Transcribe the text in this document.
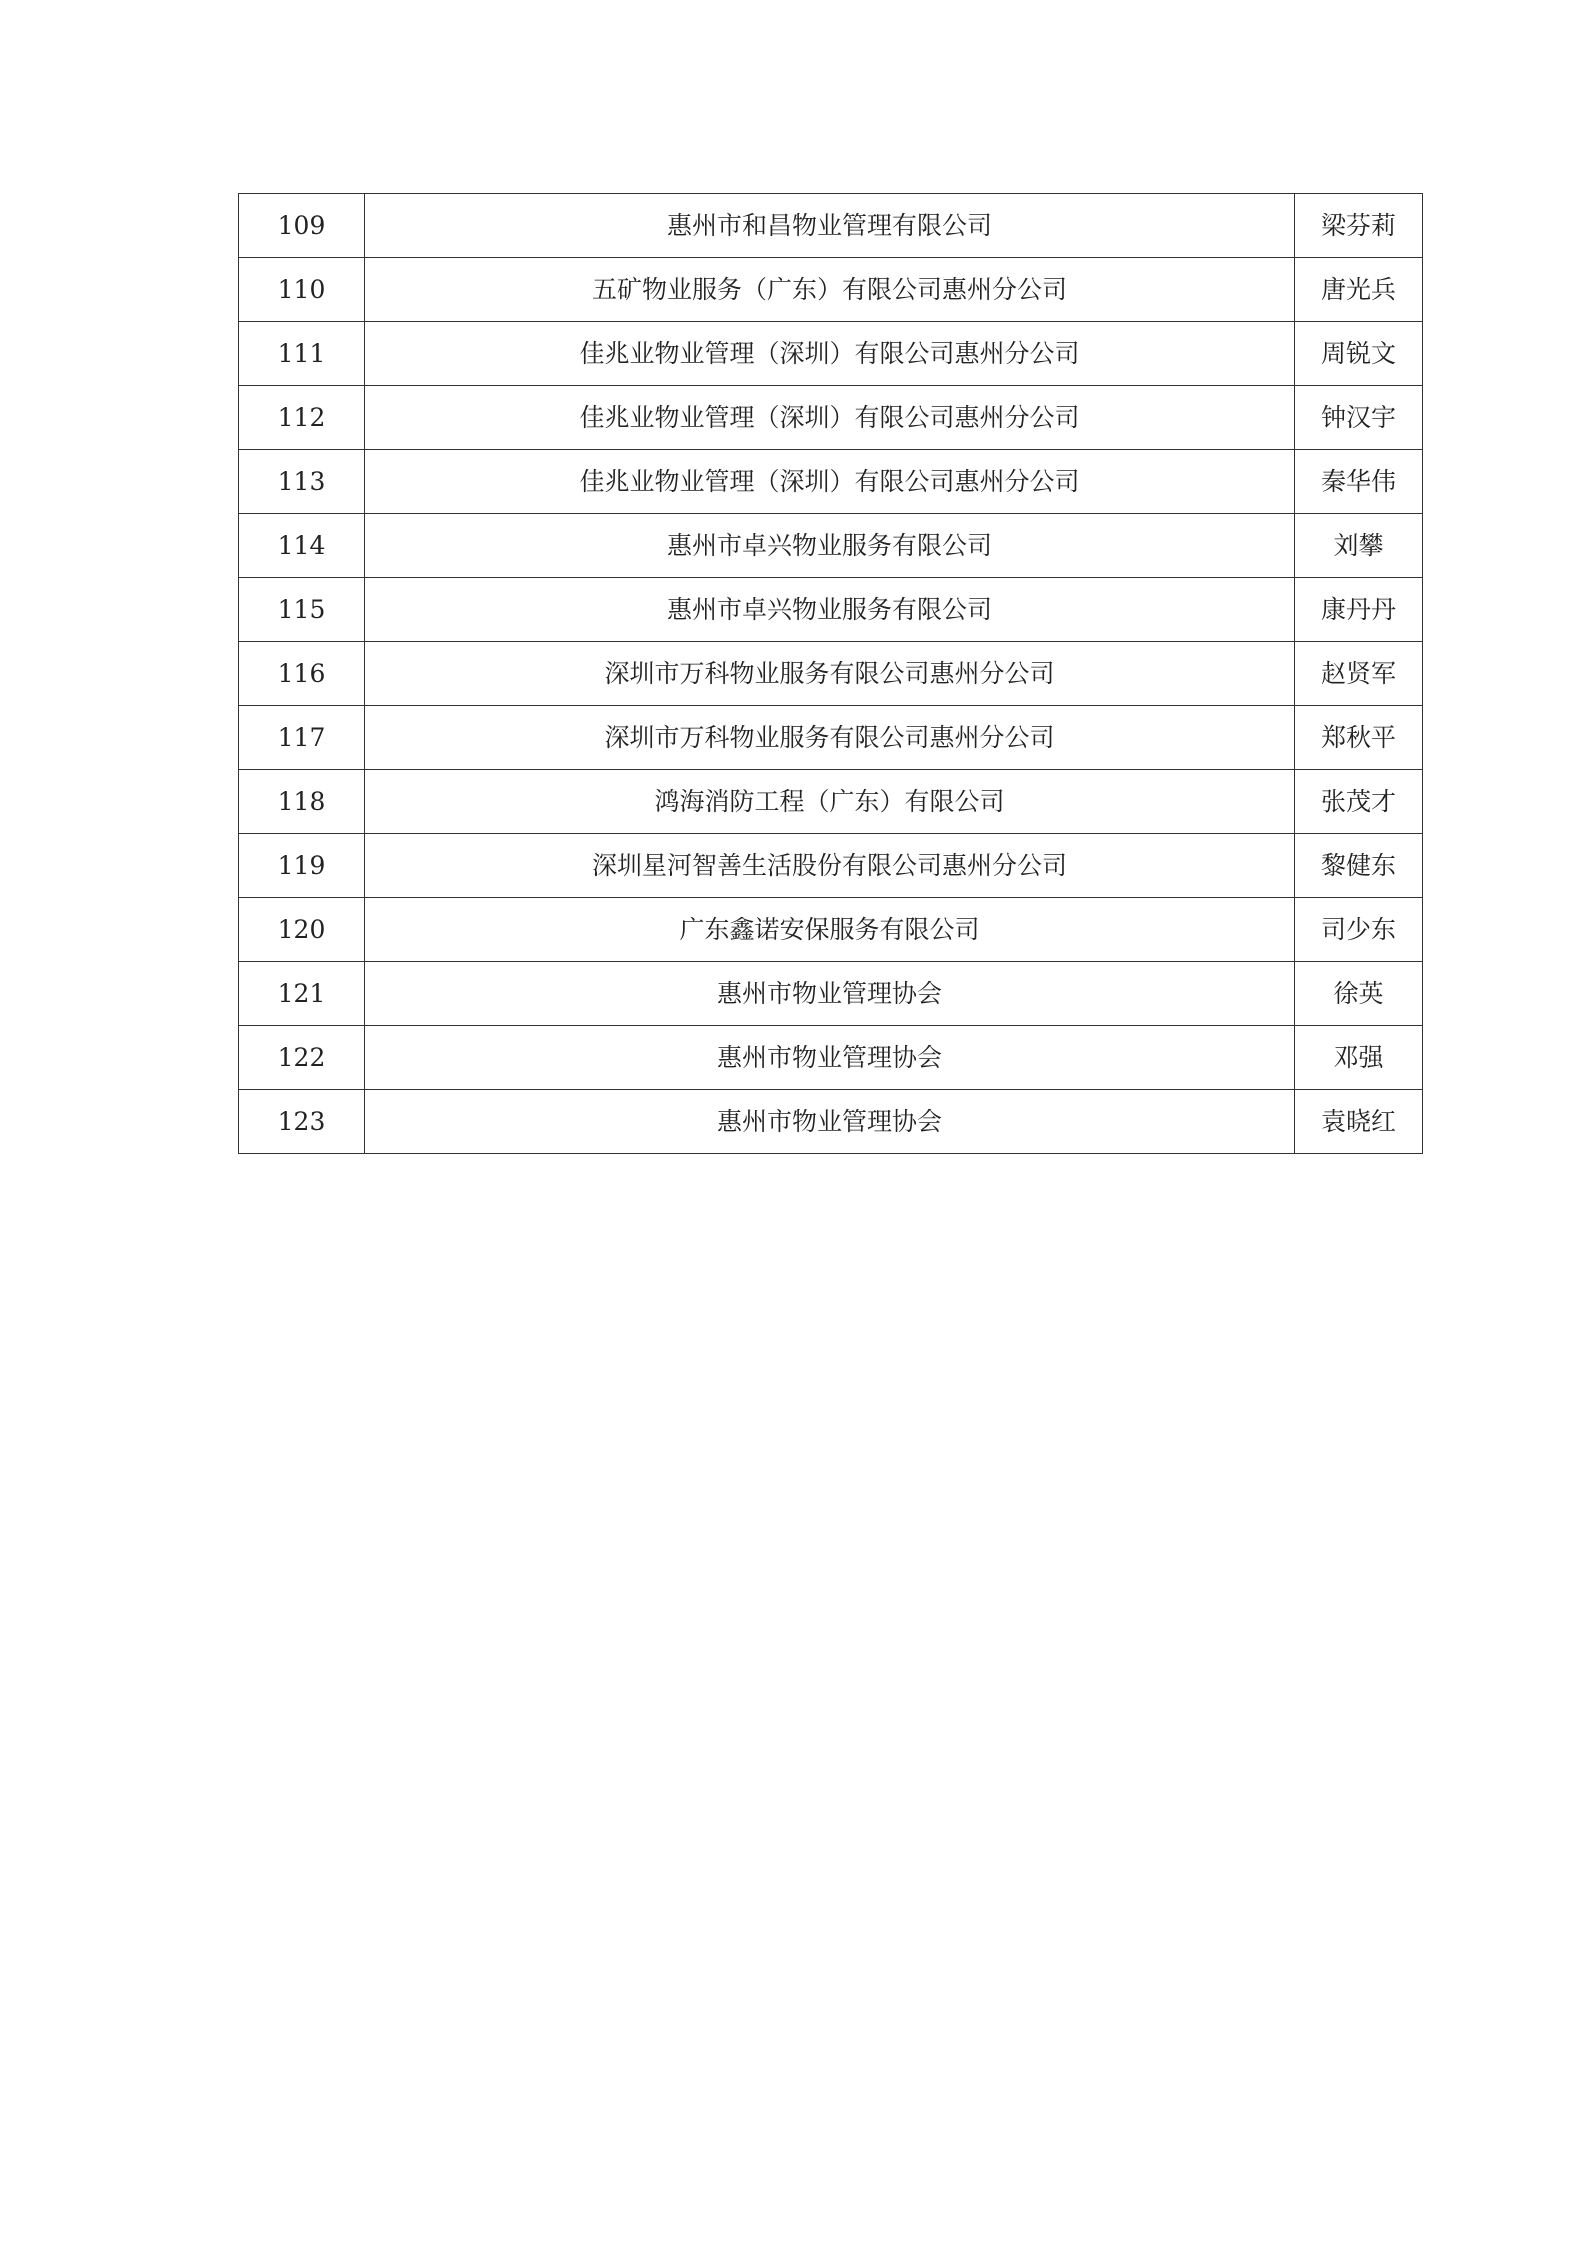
109	惠州市和昌物业管理有限公司	梁芬莉
110	五矿物业服务（广东）有限公司惠州分公司	唐光兵
111	佳兆业物业管理（深圳）有限公司惠州分公司	周锐文
112	佳兆业物业管理（深圳）有限公司惠州分公司	钟汉宇
113	佳兆业物业管理（深圳）有限公司惠州分公司	秦华伟
114	惠州市卓兴物业服务有限公司	刘攀
115	惠州市卓兴物业服务有限公司	康丹丹
116	深圳市万科物业服务有限公司惠州分公司	赵贤军
117	深圳市万科物业服务有限公司惠州分公司	郑秋平
118	鸿海消防工程（广东）有限公司	张茂才
119	深圳星河智善生活股份有限公司惠州分公司	黎健东
120	广东鑫诺安保服务有限公司	司少东
121	惠州市物业管理协会	徐英
122	惠州市物业管理协会	邓强
123	惠州市物业管理协会	袁晓红
